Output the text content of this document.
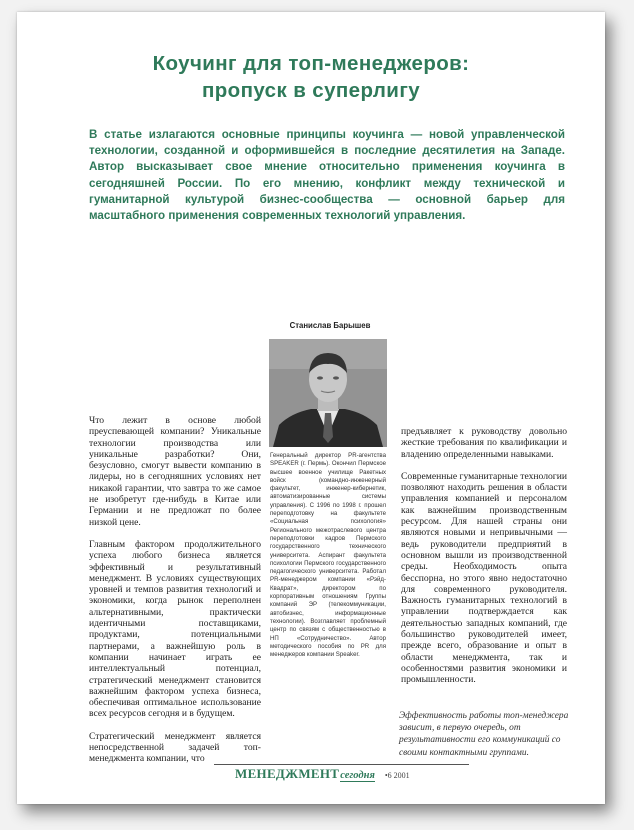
Коучинг для топ-менеджеров:
пропуск в суперлигу
В статье излагаются основные принципы коучинга — новой управленческой технологии, созданной и оформившейся в последние десятилетия на Западе. Автор высказывает свое мнение относительно применения коучинга в сегодняшней России. По его мнению, конфликт между технической и гуманитарной культурой бизнес-сообщества — основной барьер для масштабного применения современных технологий управления.
Станислав Барышев
Генеральный директор PR-агентства SPEAKER (г. Пермь). Окончил Пермское высшее военное училище Ракетных войск (командно-инженерный факультет, инженер-кибернетик, автоматизированные системы управления). С 1996 по 1998 г. прошел переподготовку на факультете «Социальная психология» Регионального межотраслевого центра переподготовки кадров Пермского государственного технического университета. Аспирант факультета психологии Пермского государственного педагогического университета. Работал PR-менеджером компании «Рэйд-Квадрат», директором по корпоративным отношениям Группы компаний ЭР (телекоммуникации, автобизнес, информационные технологии). Возглавляет проблемный центр по связям с общественностью в НП «Сотрудничество». Автор методического пособия по PR для менеджеров компании Speaker.

Что лежит в основе любой преуспевающей компании? Уникальные технологии производства или уникальные разработки? Они, безусловно, смогут вывести компанию в лидеры, но в сегодняшних условиях нет никакой гарантии, что завтра то же самое не изобретут где-нибудь в Китае или Германии и не предложат по более низкой цене.

Главным фактором продолжительного успеха любого бизнеса является эффективный и результативный менеджмент. В условиях существующих уровней и темпов развития технологий и экономики, когда рынок переполнен альтернативными, практически идентичными поставщиками, продуктами, потенциальными партнерами, а важнейшую роль в компании начинает играть ее интеллектуальный потенциал, стратегический менеджмент становится важнейшим фактором успеха бизнеса, обеспечивая оптимальное использование всех ресурсов сегодня и в будущем.

Стратегический менеджмент является непосредственной задачей топ-менеджмента компании, что

предъявляет к руководству довольно жесткие требования по квалификации и владению определенными навыками.

Современные гуманитарные технологии позволяют находить решения в области управления компанией и персоналом как важнейшим производственным ресурсом. Для нашей страны они являются новыми и непривычными — ведь руководители предприятий в основном вышли из производственной среды. Необходимость опыта бесспорна, но этого явно недостаточно для современного руководителя. Важность гуманитарных технологий в управлении подтверждается как деятельностью западных компаний, где большинство руководителей имеет, прежде всего, образование и опыт в области менеджмента, так и особенностями развития экономики и промышленности.

Эффективность работы топ-менеджера зависит, в первую очередь, от результативности его коммуникаций со своими контактными группами.
МЕНЕДЖМЕНТ сегодня •6 2001
